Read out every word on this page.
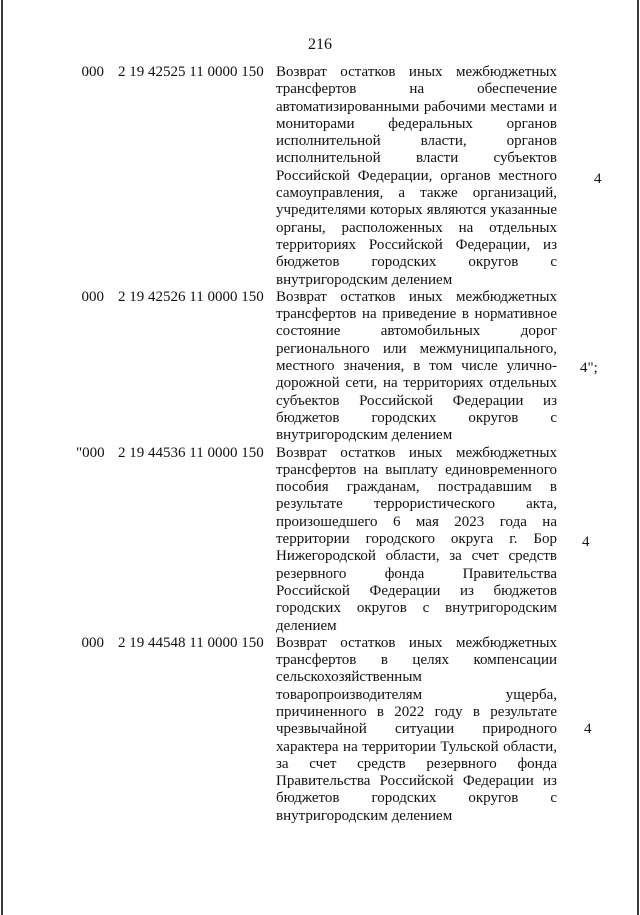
216
000 2 19 42525 11 0000 150 Возврат остатков иных межбюджетных трансфертов на обеспечение автоматизированными рабочими местами и мониторами федеральных органов исполнительной власти, органов исполнительной власти субъектов Российской Федерации, органов местного самоуправления, а также организаций, учредителями которых являются указанные органы, расположенных на отдельных территориях Российской Федерации, из бюджетов городских округов с
внутригородским делением
4
000 2 19 42526 11 0000 150 Возврат остатков иных межбюджетных трансфертов на приведение в нормативное состояние автомобильных дорог регионального или межмуниципального, местного значения, в том числе улично-дорожной сети, на территориях отдельных субъектов Российской Федерации из бюджетов городских округов с
внутригородским делением
4";
"000 2 19 44536 11 0000 150 Возврат остатков иных межбюджетных трансфертов на выплату единовременного пособия гражданам, пострадавшим в результате террористического акта, произошедшего 6 мая 2023 года на территории городского округа г. Бор Нижегородской области, за счет средств резервного фонда Правительства Российской Федерации из бюджетов городских округов с внутригородским
делением
4
000 2 19 44548 11 0000 150 Возврат остатков иных межбюджетных трансфертов в целях компенсации сельскохозяйственным товаропроизводителям ущерба, причиненного в 2022 году в результате чрезвычайной ситуации природного характера на территории Тульской области, за счет средств резервного фонда Правительства Российской Федерации из бюджетов городских округов с
внутригородским делением
4
